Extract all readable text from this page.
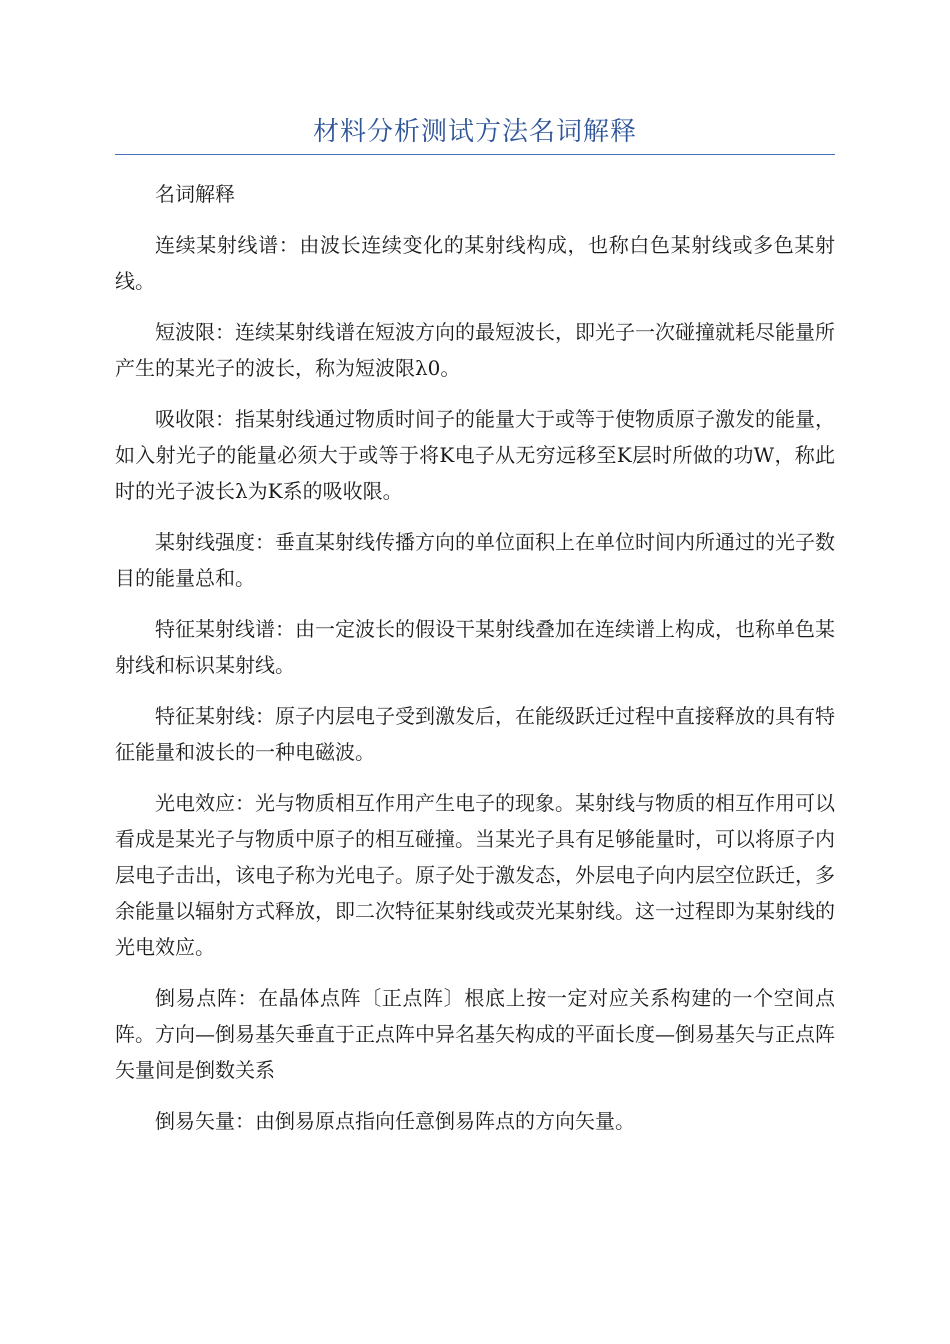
材料分析测试方法名词解释

名词解释

连续某射线谱：由波长连续变化的某射线构成，也称白色某射线或多色某射线。

短波限：连续某射线谱在短波方向的最短波长，即光子一次碰撞就耗尽能量所产生的某光子的波长，称为短波限λ0。

吸收限：指某射线通过物质时间子的能量大于或等于使物质原子激发的能量，如入射光子的能量必须大于或等于将K电子从无穷远移至K层时所做的功W，称此时的光子波长λ为K系的吸收限。

某射线强度：垂直某射线传播方向的单位面积上在单位时间内所通过的光子数目的能量总和。

特征某射线谱：由一定波长的假设干某射线叠加在连续谱上构成，也称单色某射线和标识某射线。

特征某射线：原子内层电子受到激发后，在能级跃迁过程中直接释放的具有特征能量和波长的一种电磁波。

光电效应：光与物质相互作用产生电子的现象。某射线与物质的相互作用可以看成是某光子与物质中原子的相互碰撞。当某光子具有足够能量时，可以将原子内层电子击出，该电子称为光电子。原子处于激发态，外层电子向内层空位跃迁，多余能量以辐射方式释放，即二次特征某射线或荧光某射线。这一过程即为某射线的光电效应。

倒易点阵：在晶体点阵〔正点阵〕根底上按一定对应关系构建的一个空间点阵。方向—倒易基矢垂直于正点阵中异名基矢构成的平面长度—倒易基矢与正点阵矢量间是倒数关系

倒易矢量：由倒易原点指向任意倒易阵点的方向矢量。
